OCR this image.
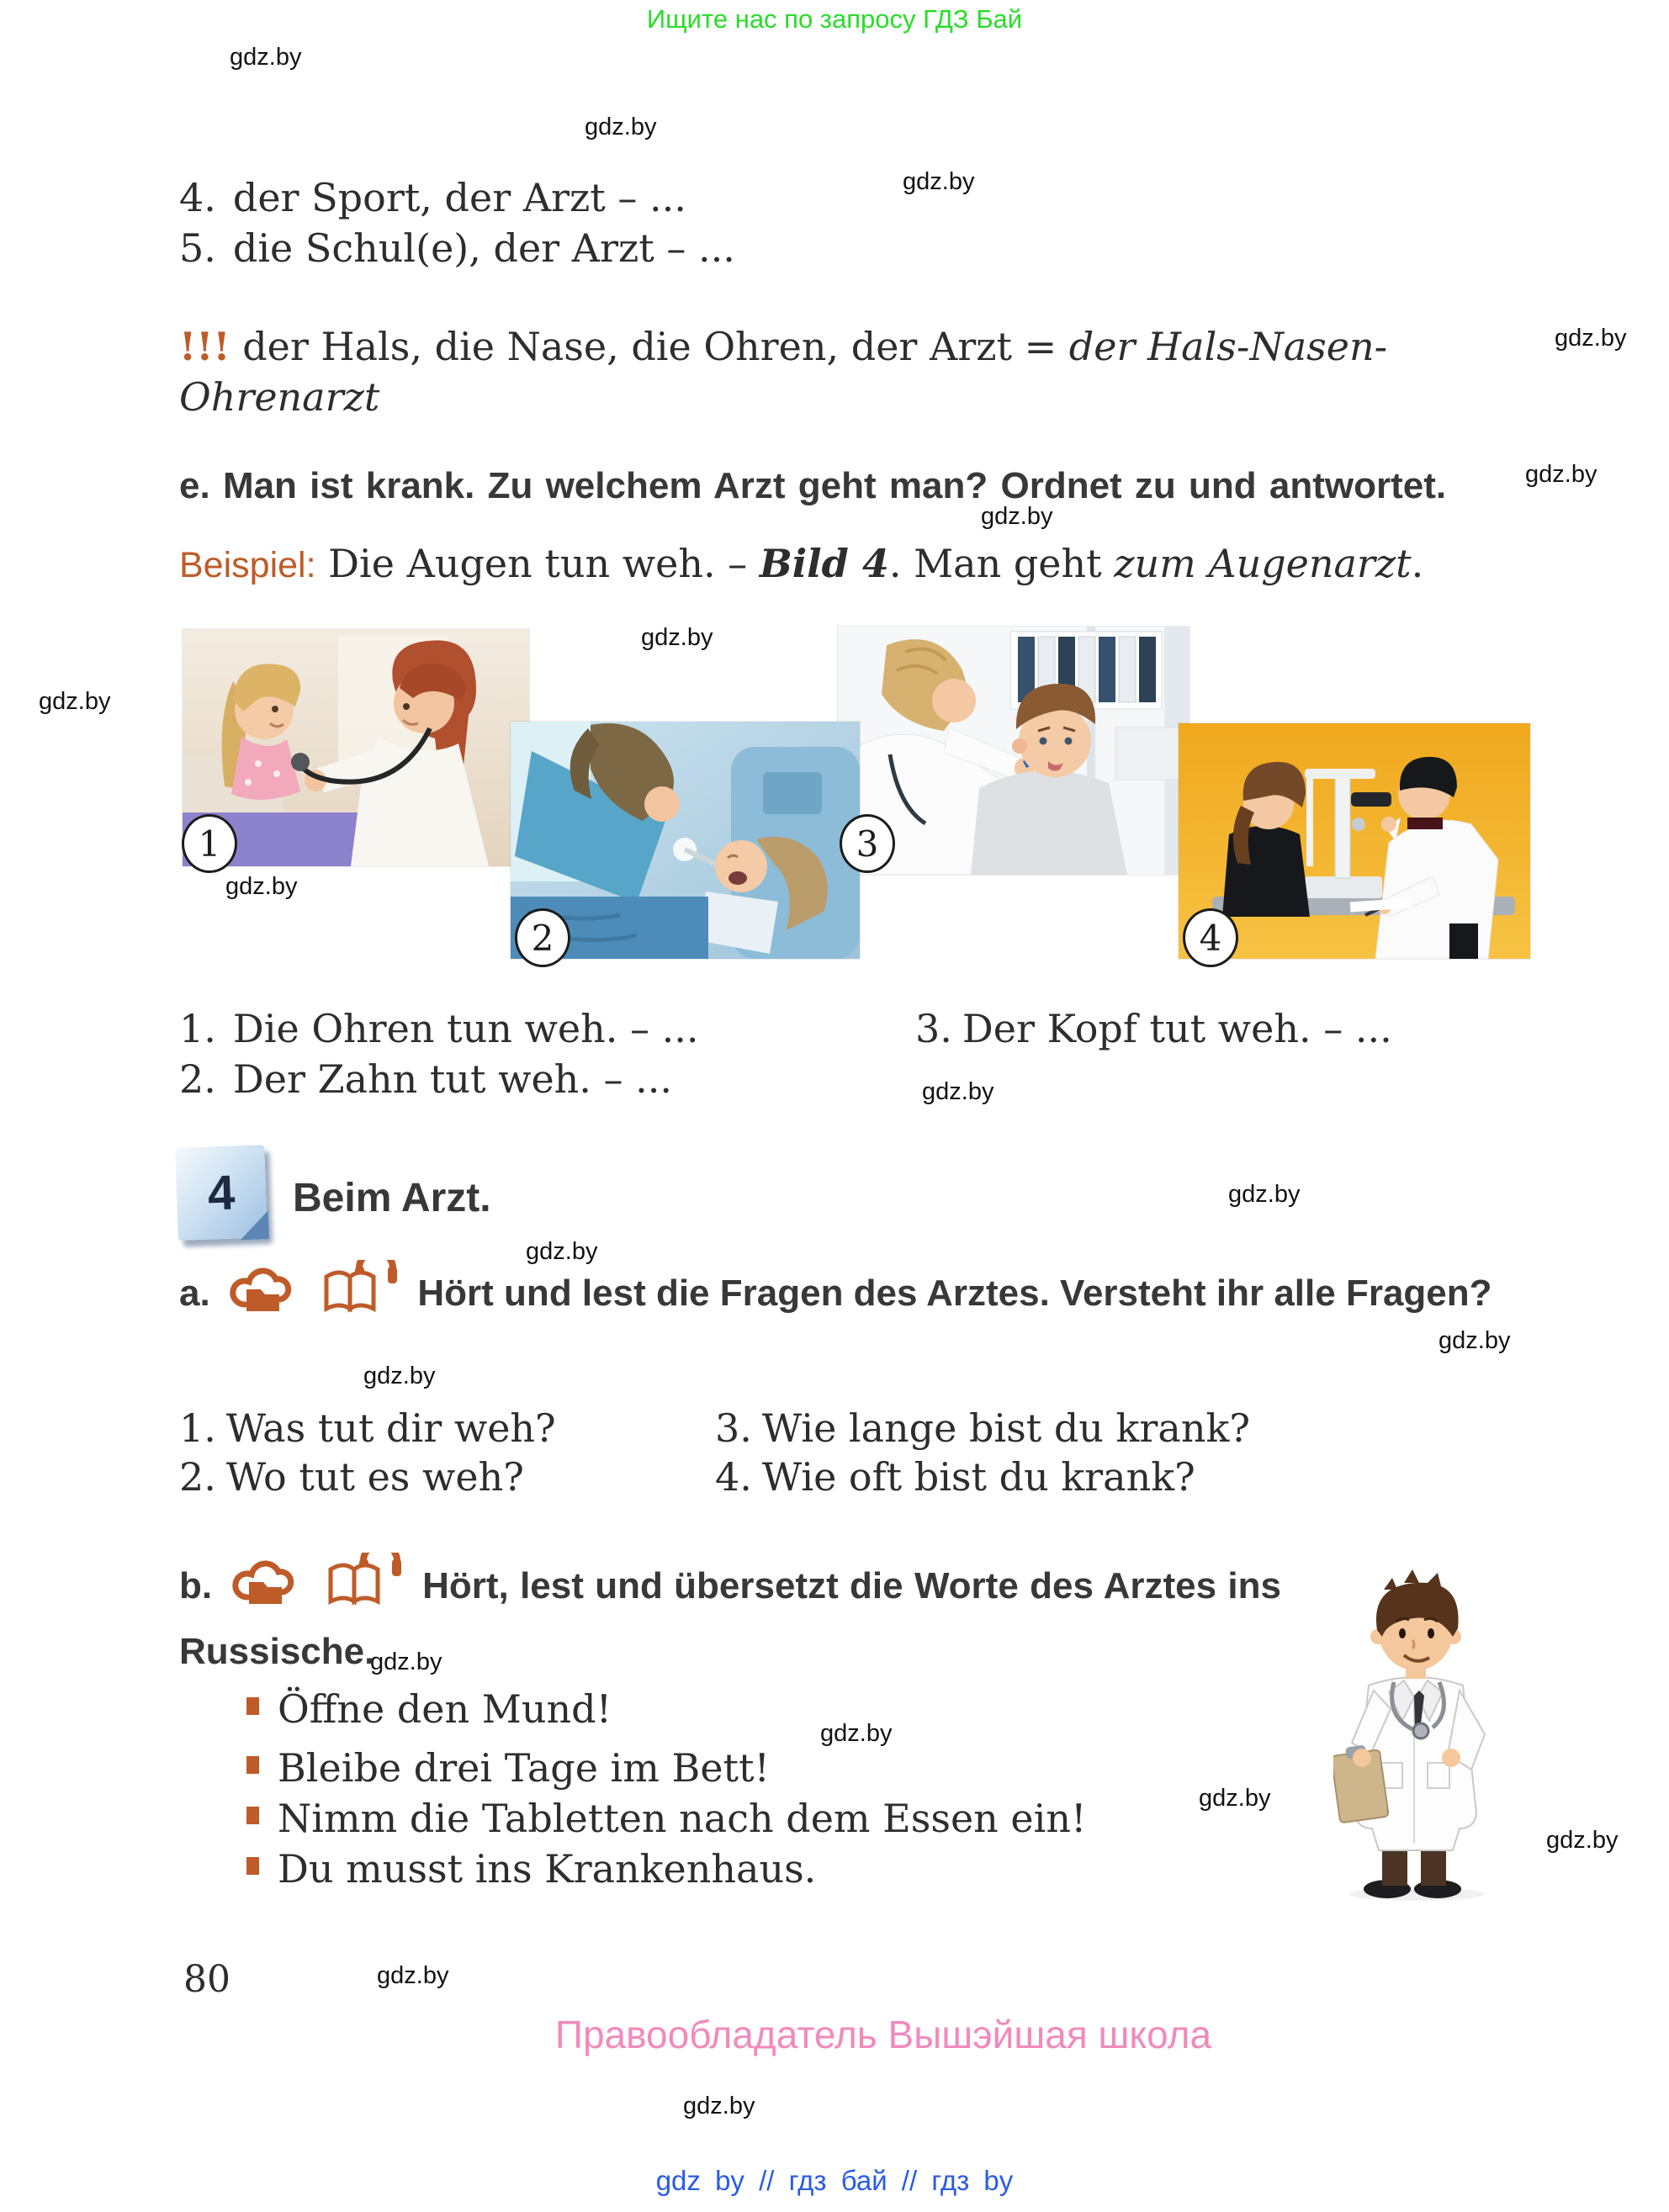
Ищите нас по запросу ГДЗ Бай
gdz.by
gdz.by
gdz.by
gdz.by
gdz.by
gdz.by
gdz.by
gdz.by
gdz.by
gdz.by
gdz.by
gdz.by
gdz.by
gdz.by
gdz.by
gdz.by
gdz.by
gdz.by
gdz.by
gdz.by
4. der Sport, der Arzt – ...
5. die Schul(e), der Arzt – ...
!!! der Hals, die Nase, die Ohren, der Arzt = der Hals-Nasen-Ohrenarzt
e. Man ist krank. Zu welchem Arzt geht man? Ordnet zu und antwortet.
Beispiel: Die Augen tun weh. – Bild 4. Man geht zum Augenarzt.
1
2
3
4
1. Die Ohren tun weh. – ...
2. Der Zahn tut weh. – ...
3. Der Kopf tut weh. – ...
4 Beim Arzt.
a.	Hört und lest die Fragen des Arztes. Versteht ihr alle Fragen?
1. Was tut dir weh?
2. Wo tut es weh?
3. Wie lange bist du krank?
4. Wie oft bist du krank?
b.	Hört, lest und übersetzt die Worte des Arztes ins Russische.
Öffne den Mund!
Bleibe drei Tage im Bett!
Nimm die Tabletten nach dem Essen ein!
Du musst ins Krankenhaus.
80
Правообладатель Вышэйшая школа
gdz by // гдз бай // гдз by
